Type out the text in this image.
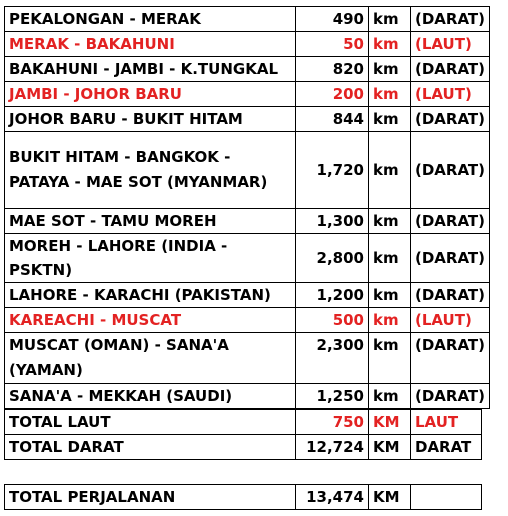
PEKALONGAN - MERAK	490	km	(DARAT)
MERAK - BAKAHUNI	50	km	(LAUT)
BAKAHUNI - JAMBI - K.TUNGKAL	820	km	(DARAT)
JAMBI - JOHOR BARU	200	km	(LAUT)
JOHOR BARU - BUKIT HITAM	844	km	(DARAT)
BUKIT HITAM - BANGKOK - PATAYA - MAE SOT (MYANMAR)	1,720	km	(DARAT)
MAE SOT - TAMU MOREH	1,300	km	(DARAT)
MOREH - LAHORE (INDIA - PSKTN)	2,800	km	(DARAT)
LAHORE - KARACHI (PAKISTAN)	1,200	km	(DARAT)
KAREACHI - MUSCAT	500	km	(LAUT)
MUSCAT (OMAN) - SANA'A (YAMAN)	2,300	km	(DARAT)
SANA'A - MEKKAH (SAUDI)	1,250	km	(DARAT)
TOTAL LAUT	750	KM	LAUT
TOTAL DARAT	12,724	KM	DARAT
TOTAL PERJALANAN	13,474	KM	
